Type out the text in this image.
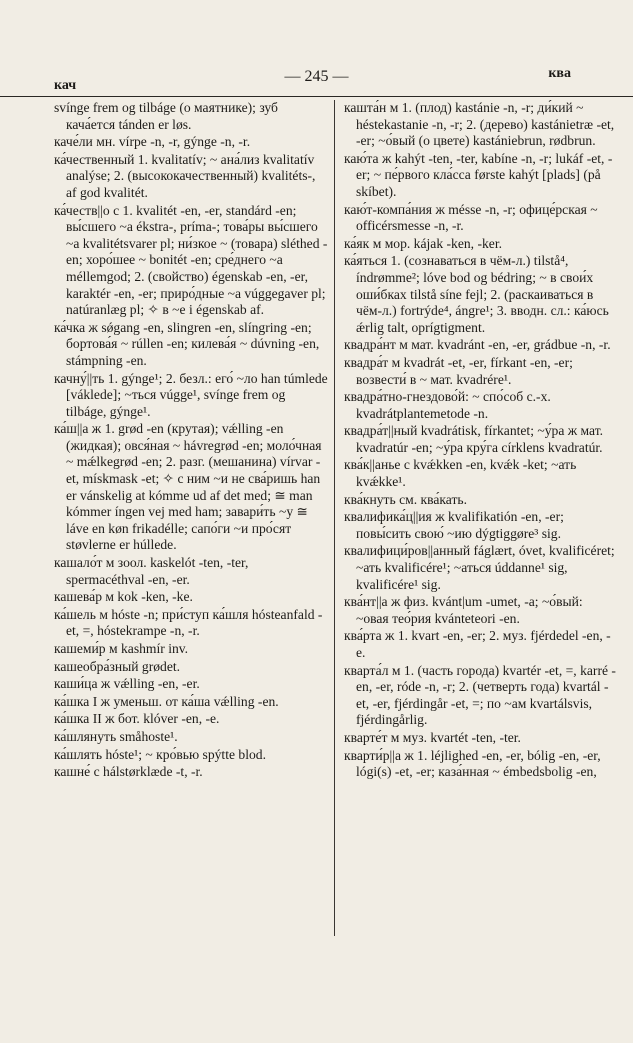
кач
— 245 —	ква

svínge frem og tilbáge (о маятнике); зуб кача́ется tánden er løs.

каче́ли мн. vírpe -n, -r, gýnge -n, -r.

ка́чественный 1. kvalitatív; ~ ана́лиз kvalitatív analýse; 2. (высококачественный) kvalitéts-, af god kvalitét.

ка́честв||о с 1. kvalitét -en, -er, standárd -en; вы́сшего ~а ékstra-, príma-; това́ры вы́сшего ~а kvalitétsvarer pl; ни́зкое ~ (товара) sléthed -en; хоро́шее ~ bonitét -en; сре́днего ~а méllemgod; 2. (свойство) égenskab -en, -er, karaktér -en, -er; приро́дные ~а vúggegaver pl; natúranlæg pl; ✧ в ~е i égenskab af.

ка́чка ж sǿgang -en, slingren -en, slíngring -en; бортова́я ~ rúllen -en; килева́я ~ dúvning -en, stámpning -en.

качну́||ть 1. gýnge¹; 2. безл.: его́ ~ло han túmlede [váklede]; ~ться vúgge¹, svínge frem og tilbáge, gýnge¹.

ка́ш||а ж 1. grød -en (крутая); vǽlling -en (жидкая); овся́ная ~ hávregrød -en; моло́чная ~ mǽlkegrød -en; 2. разг. (мешанина) vírvar -et, mískmask -et; ✧ с ним ~и не сва́ришь han er vánskelig at kómme ud af det med; ≅ man kómmer íngen vej med ham; завари́ть ~у ≅ láve en køn frikadélle; сапо́ги ~и про́сят støvlerne er húllede.

кашало́т м зоол. kaskelót -ten, -ter, spermacéthval -en, -er.

кашева́р м kok -ken, -ke.

ка́шель м hóste -n; при́ступ ка́шля hósteanfald -et, =, hóstekrampe -n, -r.

кашеми́р м kashmír inv.

кашеобра́зный grødet.

каши́ца ж vǽlling -en, -er.

ка́шка I ж уменьш. от ка́ша vǽlling -en.

ка́шка II ж бот. klóver -en, -e.

ка́шлянуть småhoste¹.

ка́шлять hóste¹; ~ кро́вью spýtte blod.

кашне́ с hálstørklæde -t, -r.

кашта́н м 1. (плод) kastánie -n, -r; ди́кий ~ héstekastanie -n, -r; 2. (дерево) kastánietræ -et, -er; ~о́вый (о цвете) kastániebrun, rødbrun.

каю́та ж kahýt -ten, -ter, kabíne -n, -r; lukáf -et, -er; ~ пе́рвого кла́сса første kahýt [plads] (på skíbet).

каю́т-компа́ния ж mésse -n, -r; офице́рская ~ officérsmesse -n, -r.

ка́як м мор. kájak -ken, -ker.

ка́яться 1. (сознаваться в чём-л.) tilstå⁴, índrømme²; lóve bod og bédring; ~ в свои́х оши́бках tilstå síne fejl; 2. (раскаиваться в чём-л.) fortrýde⁴, ángre¹; 3. вводн. сл.: ка́юсь ǽrlig talt, oprígtigment.

квадра́нт м мат. kvadránt -en, -er, grádbue -n, -r.

квадра́т м kvadrát -et, -er, fírkant -en, -er; возвести́ в ~ мат. kvadrére¹.

квадра́тно-гнездово́й: ~ спо́соб с.-х. kvadrátplantemetode -n.

квадра́т||ный kvadrátisk, fírkantet; ~у́ра ж мат. kvadratúr -en; ~у́ра кру́га círklens kvadratúr.

ква́к||анье с kvǽkken -en, kvǽk -ket; ~ать kvǽkke¹.

ква́кнуть см. ква́кать.

квалифика́ц||ия ж kvalifikatión -en, -er; повы́сить свою́ ~ию dýgtiggøre³ sig.

квалифици́ров||анный fáglært, óvet, kvalificéret; ~ать kvalificére¹; ~аться úddanne¹ sig, kvalificére¹ sig.

ква́нт||а ж физ. kvánt|um -umet, -a; ~о́вый: ~овая тео́рия kvánteteori -en.

ква́рта ж 1. kvart -en, -er; 2. муз. fjérdedel -en, -e.

кварта́л м 1. (часть города) kvartér -et, =, karré -en, -er, róde -n, -r; 2. (четверть года) kvartál -et, -er, fjérdingår -et, =; по ~ам kvartálsvis, fjérdingårlig.

кварте́т м муз. kvartét -ten, -ter.

кварти́р||а ж 1. léjlighed -en, -er, bólig -en, -er, lógi(s) -et, -er; каза́нная ~ émbedsbolig -en,
